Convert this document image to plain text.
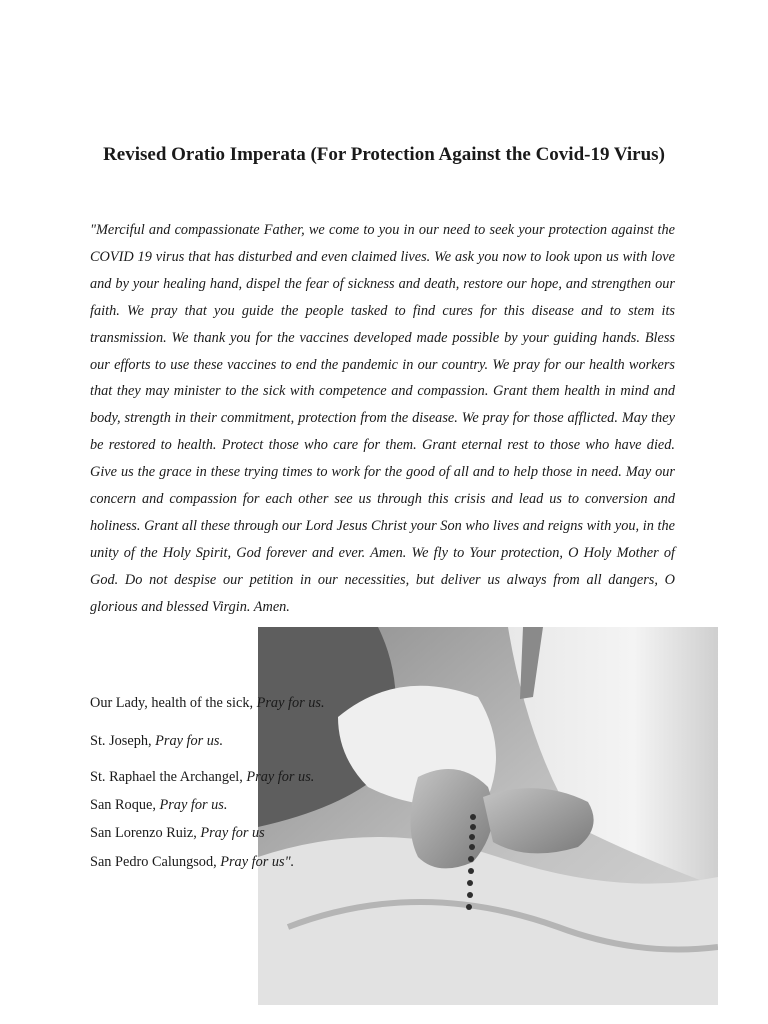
Revised Oratio Imperata (For Protection Against the Covid-19 Virus)

"Merciful and compassionate Father, we come to you in our need to seek your protection against the COVID 19 virus that has disturbed and even claimed lives. We ask you now to look upon us with love and by your healing hand, dispel the fear of sickness and death, restore our hope, and strengthen our faith. We pray that you guide the people tasked to find cures for this disease and to stem its transmission. We thank you for the vaccines developed made possible by your guiding hands. Bless our efforts to use these vaccines to end the pandemic in our country. We pray for our health workers that they may minister to the sick with competence and compassion. Grant them health in mind and body, strength in their commitment, protection from the disease. We pray for those afflicted. May they be restored to health. Protect those who care for them. Grant eternal rest to those who have died. Give us the grace in these trying times to work for the good of all and to help those in need. May our concern and compassion for each other see us through this crisis and lead us to conversion and holiness. Grant all these through our Lord Jesus Christ your Son who lives and reigns with you, in the unity of the Holy Spirit, God forever and ever. Amen. We fly to Your protection, O Holy Mother of God. Do not despise our petition in our necessities, but deliver us always from all dangers, O glorious and blessed Virgin. Amen.

Our Lady, health of the sick, Pray for us.
St. Joseph, Pray for us.
St. Raphael the Archangel, Pray for us.
San Roque, Pray for us.
San Lorenzo Ruiz, Pray for us
San Pedro Calungsod, Pray for us".
